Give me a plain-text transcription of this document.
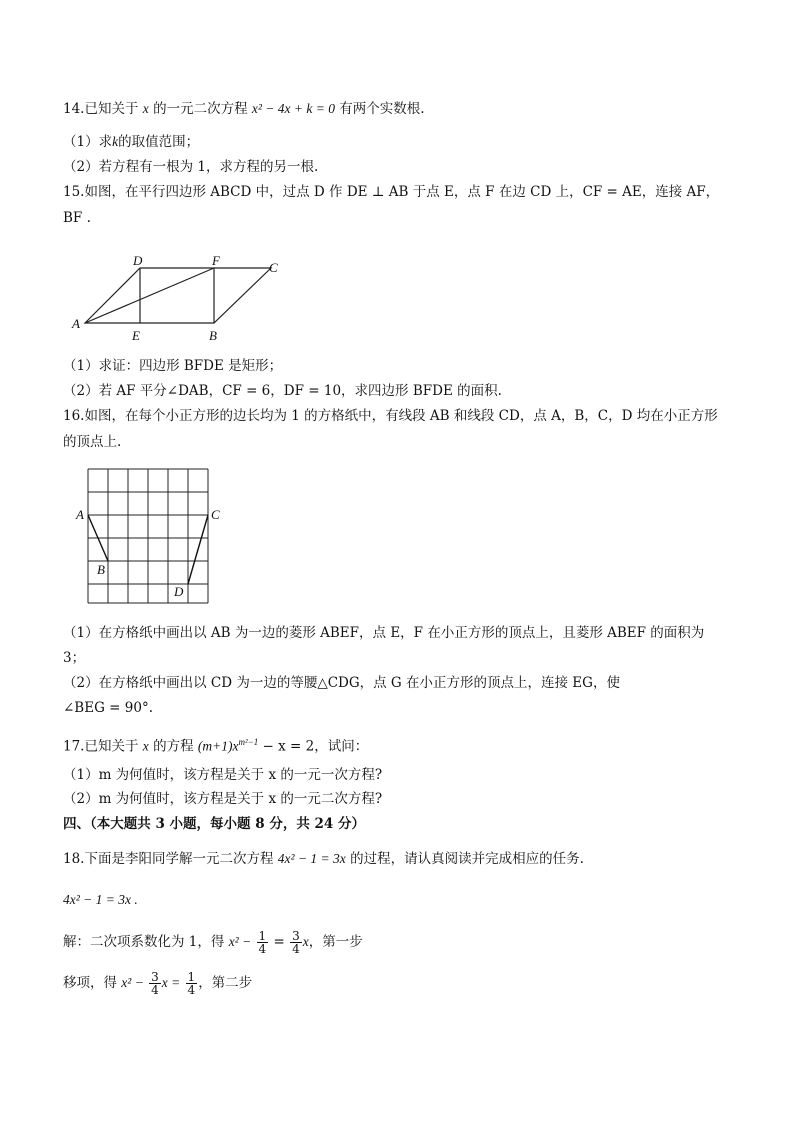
14.已知关于 x 的一元二次方程 x² − 4x + k = 0 有两个实数根.
（1）求k的取值范围；
（2）若方程有一根为 1，求方程的另一根.
15.如图，在平行四边形 ABCD 中，过点 D 作 DE ⊥ AB 于点 E，点 F 在边 CD 上，CF = AE，连接 AF，
BF .
D	F	C
A
E	B
（1）求证：四边形 BFDE 是矩形；
（2）若 AF 平分∠DAB，CF = 6，DF = 10，求四边形 BFDE 的面积.
16.如图，在每个小正方形的边长均为 1 的方格纸中，有线段 AB 和线段 CD，点 A，B，C，D 均在小正方形
的顶点上.
A
B
C
D
（1）在方格纸中画出以 AB 为一边的菱形 ABEF，点 E，F 在小正方形的顶点上，且菱形 ABEF 的面积为
3；
（2）在方格纸中画出以 CD 为一边的等腰△CDG，点 G 在小正方形的顶点上，连接 EG，使
∠BEG = 90°.
17.已知关于 x 的方程 $(m+1)x^{m^2-1} - x = 2$，试问：
（1）m 为何值时，该方程是关于 x 的一元一次方程?
（2）m 为何值时，该方程是关于 x 的一元二次方程?
四、（本大题共 3 小题，每小题 8 分，共 24 分）
18.下面是李阳同学解一元二次方程 4x² − 1 = 3x 的过程，请认真阅读并完成相应的任务.
4x² − 1 = 3x .
解：二次项系数化为 1，得 $x^2 - \frac{1}{4} = \frac{3}{4}$ x，第一步
移项，得 $x^2 - \frac{3}{4}$ $x = \frac{1}{4}$ ，第二步
